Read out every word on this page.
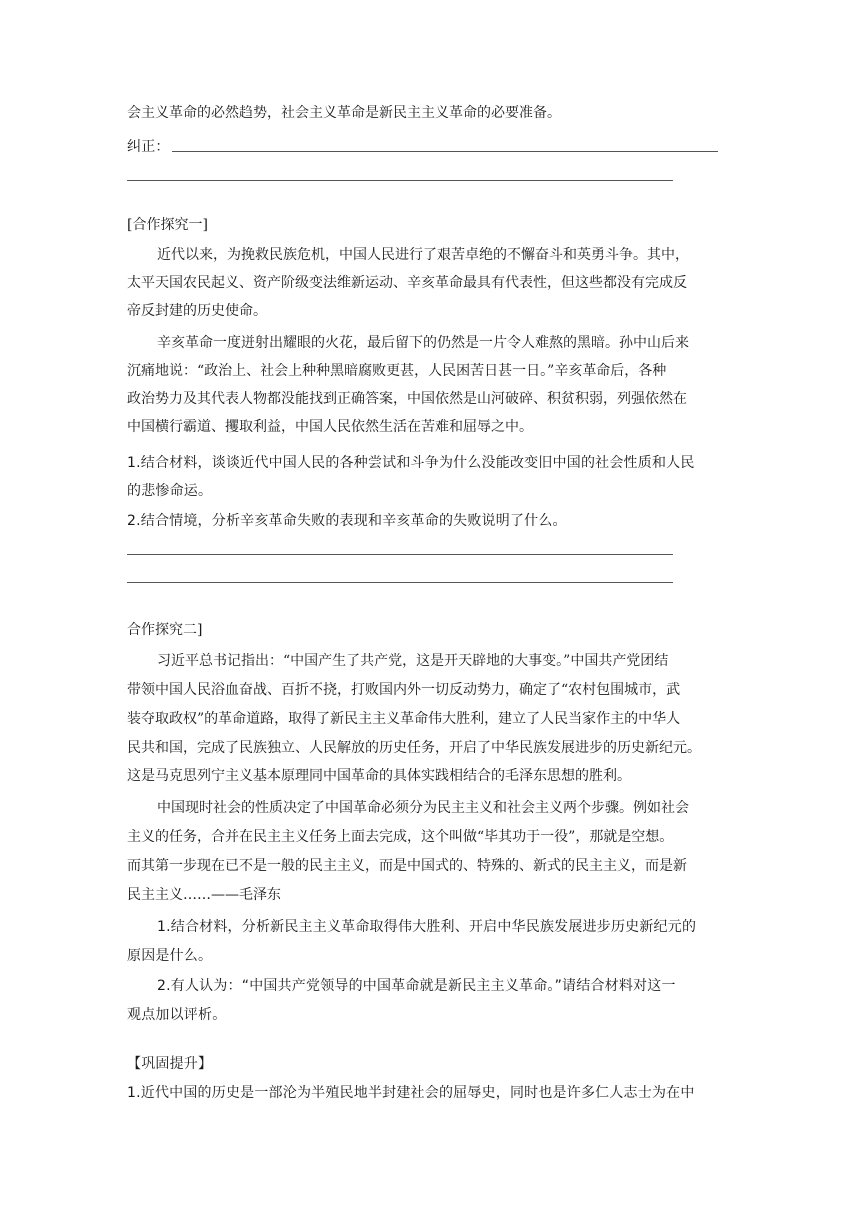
会主义革命的必然趋势，社会主义革命是新民主主义革命的必要准备。
纠正：
[合作探究一]
近代以来，为挽救民族危机，中国人民进行了艰苦卓绝的不懈奋斗和英勇斗争。其中，
太平天国农民起义、资产阶级变法维新运动、辛亥革命最具有代表性，但这些都没有完成反
帝反封建的历史使命。
辛亥革命一度迸射出耀眼的火花，最后留下的仍然是一片令人难熬的黑暗。孙中山后来
沉痛地说：“政治上、社会上种种黑暗腐败更甚，人民困苦日甚一日。”辛亥革命后，各种
政治势力及其代表人物都没能找到正确答案，中国依然是山河破碎、积贫积弱，列强依然在
中国横行霸道、攫取利益，中国人民依然生活在苦难和屈辱之中。
1.结合材料，谈谈近代中国人民的各种尝试和斗争为什么没能改变旧中国的社会性质和人民
的悲惨命运。
2.结合情境，分析辛亥革命失败的表现和辛亥革命的失败说明了什么。
合作探究二]
习近平总书记指出：“中国产生了共产党，这是开天辟地的大事变。”中国共产党团结
带领中国人民浴血奋战、百折不挠，打败国内外一切反动势力，确定了“农村包围城市，武
装夺取政权”的革命道路，取得了新民主主义革命伟大胜利，建立了人民当家作主的中华人
民共和国，完成了民族独立、人民解放的历史任务，开启了中华民族发展进步的历史新纪元。
这是马克思列宁主义基本原理同中国革命的具体实践相结合的毛泽东思想的胜利。
中国现时社会的性质决定了中国革命必须分为民主主义和社会主义两个步骤。例如社会
主义的任务，合并在民主主义任务上面去完成，这个叫做“毕其功于一役”，那就是空想。
而其第一步现在已不是一般的民主主义，而是中国式的、特殊的、新式的民主主义，而是新
民主主义……——毛泽东
1.结合材料，分析新民主主义革命取得伟大胜利、开启中华民族发展进步历史新纪元的
原因是什么。
2.有人认为：“中国共产党领导的中国革命就是新民主主义革命。”请结合材料对这一
观点加以评析。
【巩固提升】
1.近代中国的历史是一部沦为半殖民地半封建社会的屈辱史，同时也是许多仁人志士为在中
